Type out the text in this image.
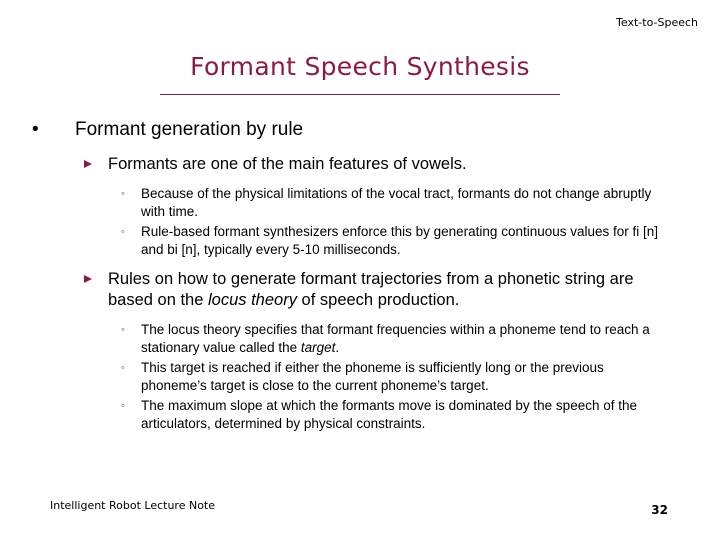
Text-to-Speech
Formant Speech Synthesis
• Formant generation by rule
Formants are one of the main features of vowels.
◦ Because of the physical limitations of the vocal tract, formants do not change abruptly with time.
◦ Rule-based formant synthesizers enforce this by generating continuous values for fi [n] and bi [n], typically every 5-10 milliseconds.
Rules on how to generate formant trajectories from a phonetic string are based on the locus theory of speech production.
◦ The locus theory specifies that formant frequencies within a phoneme tend to reach a stationary value called the target.
◦ This target is reached if either the phoneme is sufficiently long or the previous phoneme’s target is close to the current phoneme’s target.
◦ The maximum slope at which the formants move is dominated by the speech of the articulators, determined by physical constraints.
Intelligent Robot Lecture Note	32
